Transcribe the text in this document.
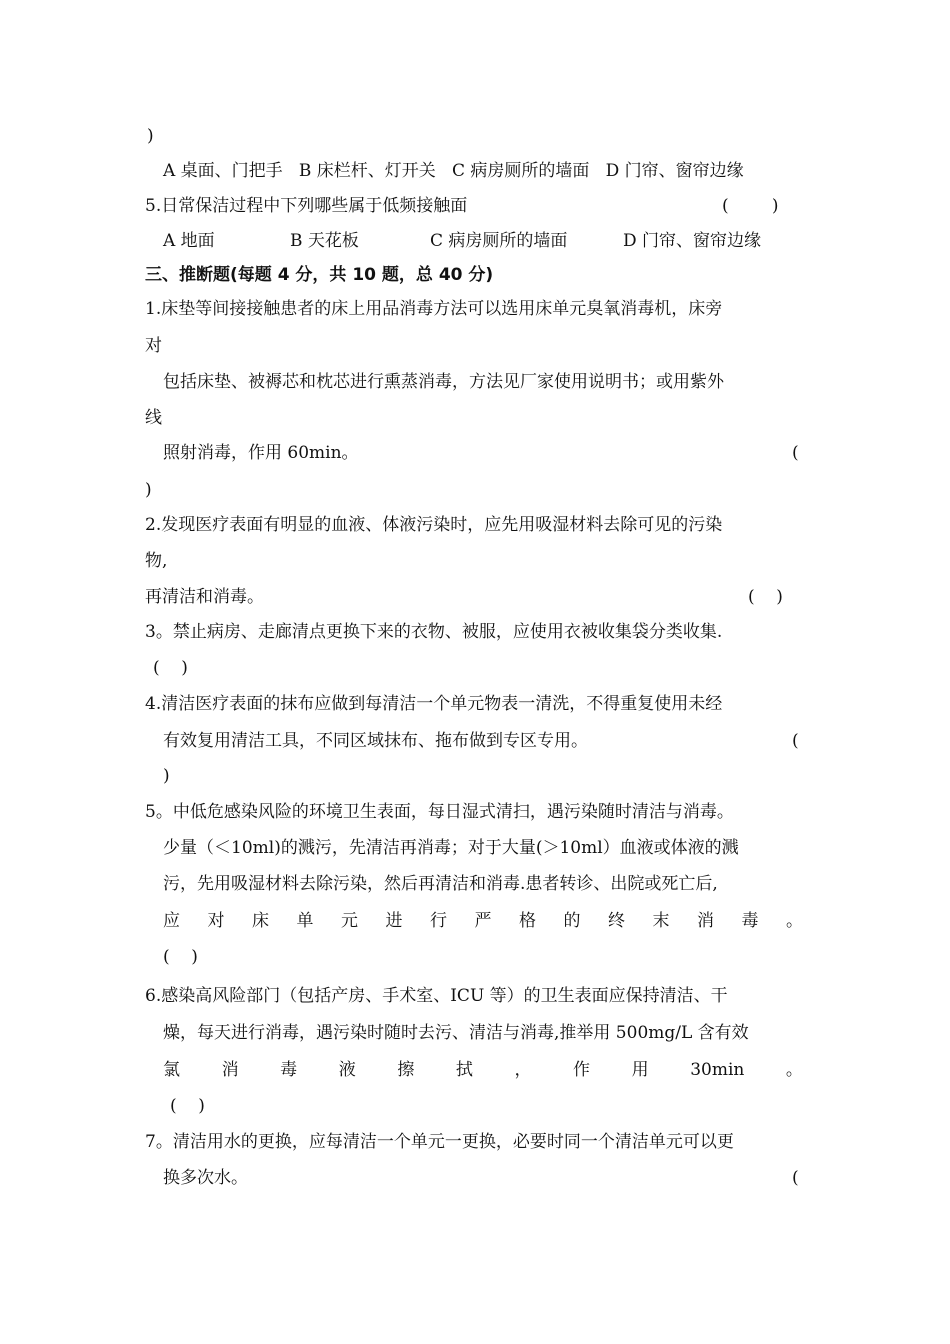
)
A 桌面、门把手   B 床栏杆、灯开关   C 病房厕所的墙面   D 门帘、窗帘边缘
5.日常保洁过程中下列哪些属于低频接触面	(        )
A 地面	B 天花板	C 病房厕所的墙面	D 门帘、窗帘边缘
三、推断题(每题 4 分，共 10 题，总 40 分)
1.床垫等间接接触患者的床上用品消毒方法可以选用床单元臭氧消毒机，床旁
对
包括床垫、被褥芯和枕芯进行熏蒸消毒，方法见厂家使用说明书；或用紫外
线
照射消毒，作用 60min。	(
)
2.发现医疗表面有明显的血液、体液污染时，应先用吸湿材料去除可见的污染
物,
再清洁和消毒。	(    )
3。禁止病房、走廊清点更换下来的衣物、被服，应使用衣被收集袋分类收集.
(    )
4.清洁医疗表面的抹布应做到每清洁一个单元物表一清洗，不得重复使用未经
有效复用清洁工具，不同区域抹布、拖布做到专区专用。	(
)
5。中低危感染风险的环境卫生表面，每日湿式清扫，遇污染随时清洁与消毒。
少量（＜10ml)的溅污，先清洁再消毒；对于大量(＞10ml）血液或体液的溅
污，先用吸湿材料去除污染，然后再清洁和消毒.患者转诊、出院或死亡后,
应 对 床 单 元 进 行 严 格 的 终 末 消 毒 。
(    )
6.感染高风险部门（包括产房、手术室、ICU 等）的卫生表面应保持清洁、干
燥，每天进行消毒，遇污染时随时去污、清洁与消毒,推举用 500mg/L 含有效
氯 消 毒 液 擦 拭 ， 作 用 30min 。
(    )
7。清洁用水的更换，应每清洁一个单元一更换，必要时同一个清洁单元可以更
换多次水。	(
